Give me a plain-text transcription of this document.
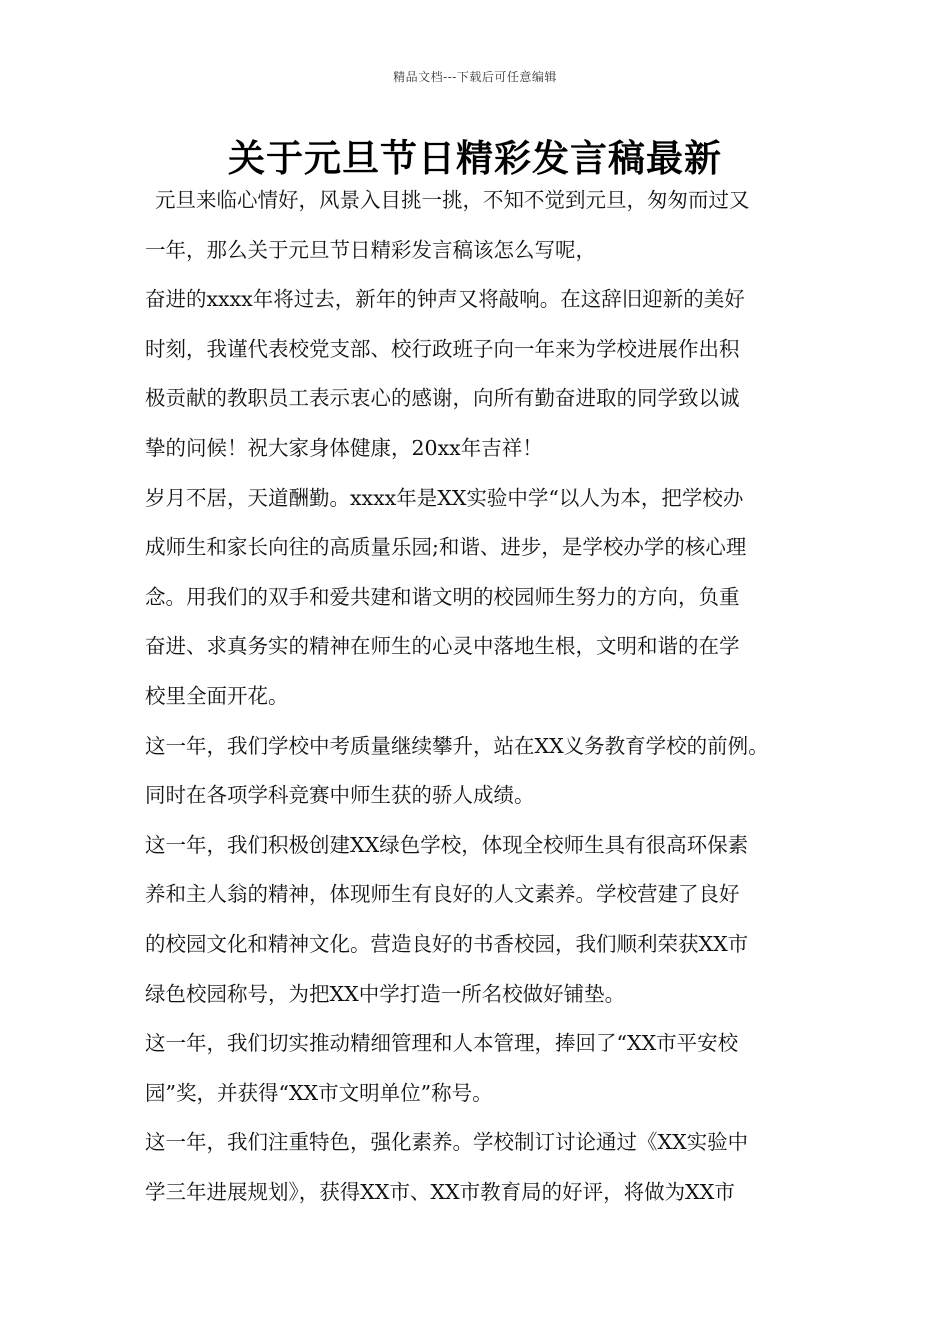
精品文档---下载后可任意编辑
关于元旦节日精彩发言稿最新
元旦来临心情好，风景入目挑一挑，不知不觉到元旦，匆匆而过又
一年，那么关于元旦节日精彩发言稿该怎么写呢，
奋进的xxxx年将过去，新年的钟声又将敲响。在这辞旧迎新的美好
时刻，我谨代表校党支部、校行政班子向一年来为学校进展作出积
极贡献的教职员工表示衷心的感谢，向所有勤奋进取的同学致以诚
挚的问候！祝大家身体健康，20xx年吉祥！
岁月不居，天道酬勤。xxxx年是XX实验中学“以人为本，把学校办
成师生和家长向往的高质量乐园;和谐、进步，是学校办学的核心理
念。用我们的双手和爱共建和谐文明的校园师生努力的方向，负重
奋进、求真务实的精神在师生的心灵中落地生根，文明和谐的在学
校里全面开花。
这一年，我们学校中考质量继续攀升，站在XX义务教育学校的前例。
同时在各项学科竞赛中师生获的骄人成绩。
这一年，我们积极创建XX绿色学校，体现全校师生具有很高环保素
养和主人翁的精神，体现师生有良好的人文素养。学校营建了良好
的校园文化和精神文化。营造良好的书香校园，我们顺利荣获XX市
绿色校园称号，为把XX中学打造一所名校做好铺垫。
这一年，我们切实推动精细管理和人本管理，捧回了“XX市平安校
园”奖，并获得“XX市文明单位”称号。
这一年，我们注重特色，强化素养。学校制订讨论通过《XX实验中
学三年进展规划》，获得XX市、XX市教育局的好评，将做为XX市
